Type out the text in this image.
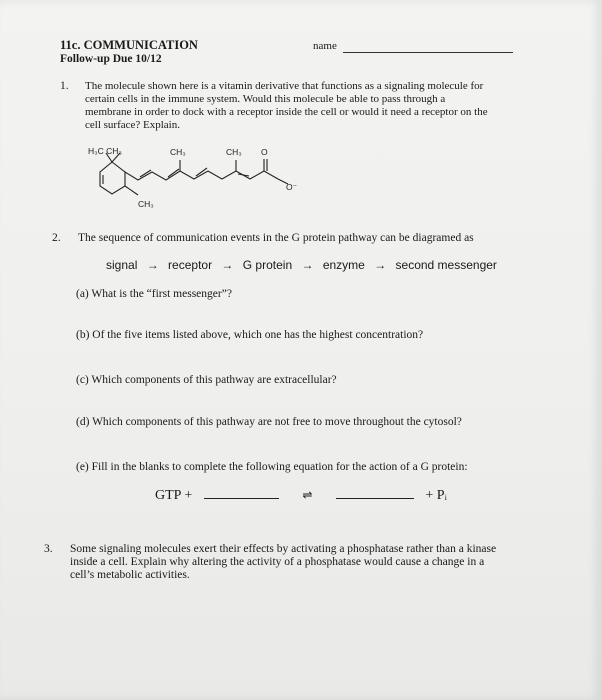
11c. COMMUNICATION
Follow-up Due 10/12
name
1. The molecule shown here is a vitamin derivative that functions as a signaling molecule for
certain cells in the immune system. Would this molecule be able to pass through a
membrane in order to dock with a receptor inside the cell or would it need a receptor on the
cell surface? Explain.
H₃C CH₃	CH₃	CH₃ O
O⁻
CH₃
2. The sequence of communication events in the G protein pathway can be diagramed as
signal → receptor → G protein → enzyme → second messenger
(a) What is the “first messenger”?
(b) Of the five items listed above, which one has the highest concentration?
(c) Which components of this pathway are extracellular?
(d) Which components of this pathway are not free to move throughout the cytosol?
(e) Fill in the blanks to complete the following equation for the action of a G protein:
GTP +	⇌	+ Pᵢ
3. Some signaling molecules exert their effects by activating a phosphatase rather than a kinase
inside a cell. Explain why altering the activity of a phosphatase would cause a change in a
cell’s metabolic activities.
